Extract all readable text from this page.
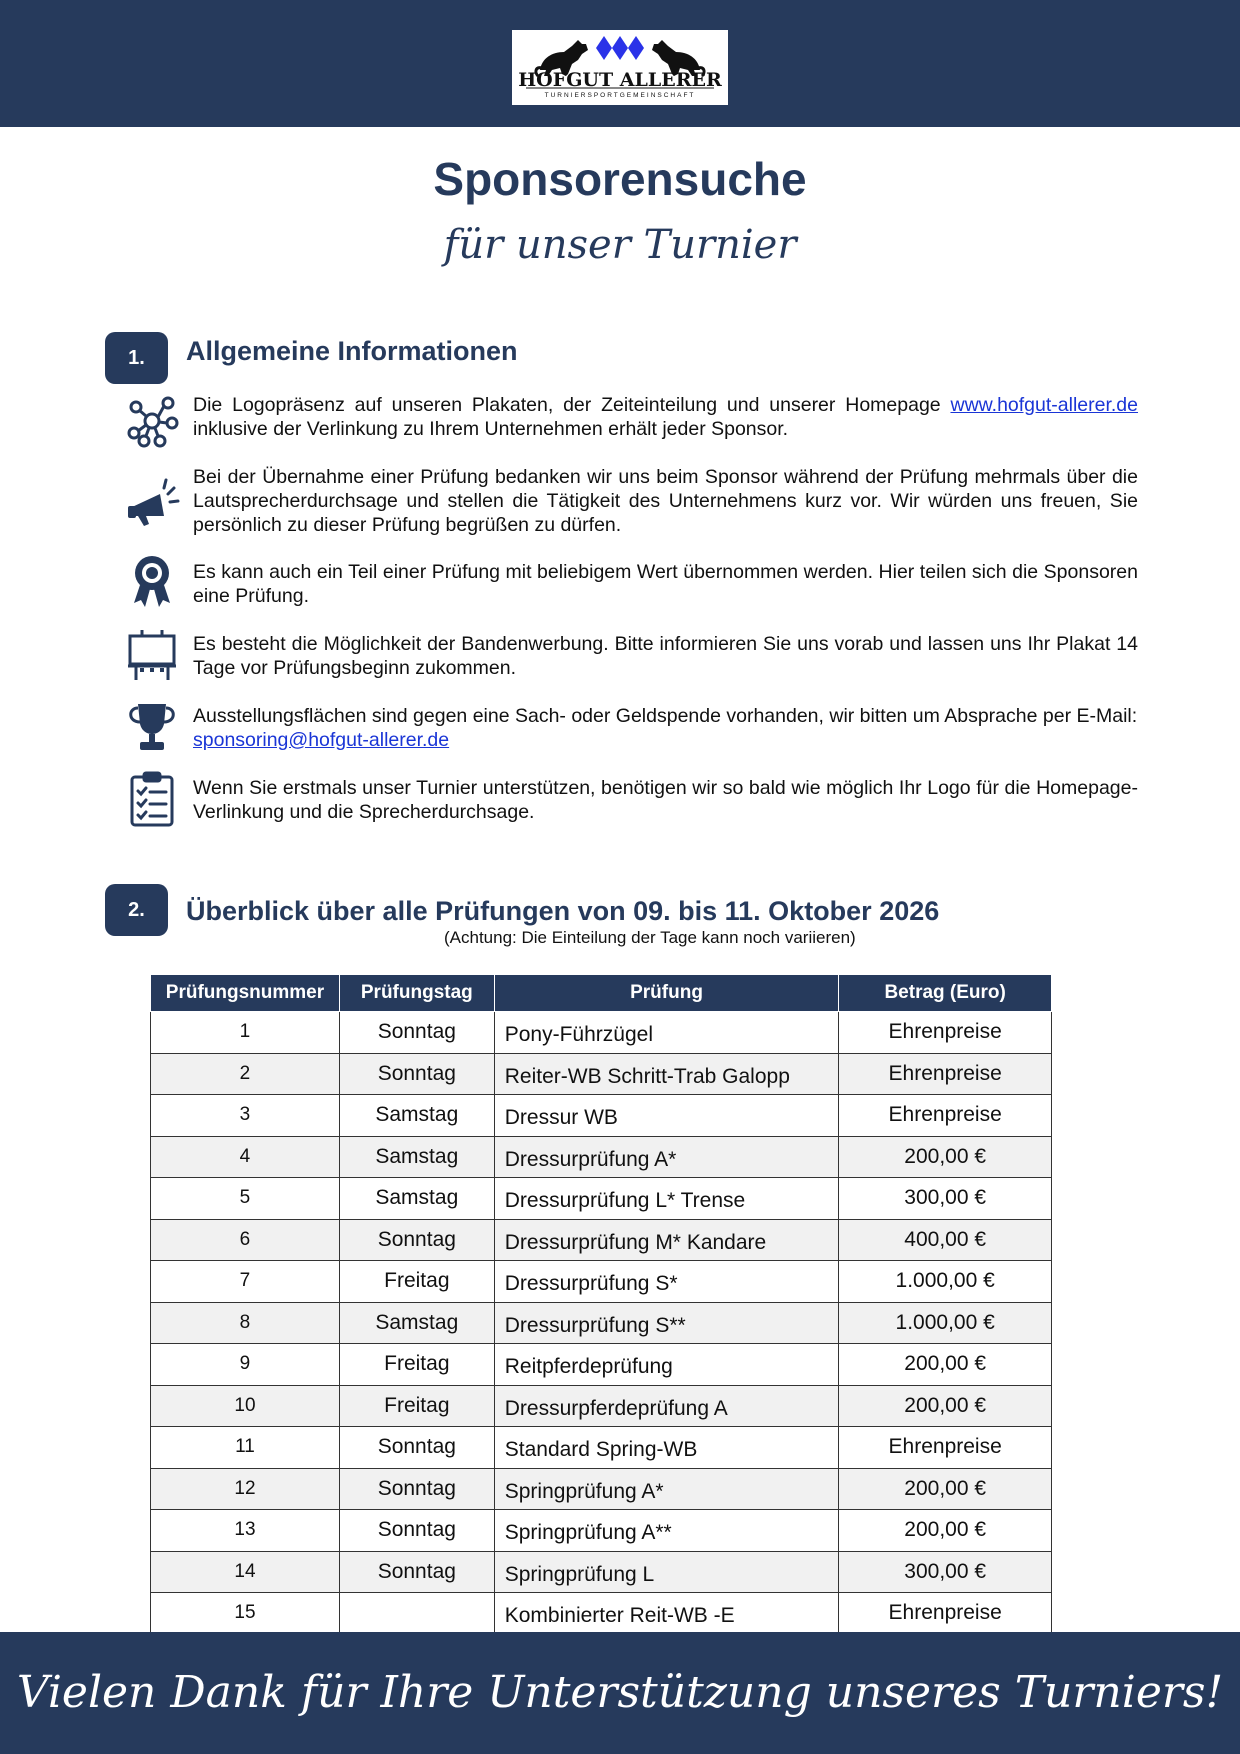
HOFGUT ALLERER
TURNIERSPORTGEMEINSCHAFT
Sponsorensuche
für unser Turnier
1.	Allgemeine Informationen
Die Logopräsenz auf unseren Plakaten, der Zeiteinteilung und unserer Homepage www.hofgut-allerer.de inklusive der Verlinkung zu Ihrem Unternehmen erhält jeder Sponsor.
Bei der Übernahme einer Prüfung bedanken wir uns beim Sponsor während der Prüfung mehrmals über die Lautsprecherdurchsage und stellen die Tätigkeit des Unternehmens kurz vor. Wir würden uns freuen, Sie persönlich zu dieser Prüfung begrüßen zu dürfen.
Es kann auch ein Teil einer Prüfung mit beliebigem Wert übernommen werden. Hier teilen sich die Sponsoren eine Prüfung.
Es besteht die Möglichkeit der Bandenwerbung. Bitte informieren Sie uns vorab und lassen uns Ihr Plakat 14 Tage vor Prüfungsbeginn zukommen.
Ausstellungsflächen sind gegen eine Sach- oder Geldspende vorhanden, wir bitten um Absprache per E-Mail:
sponsoring@hofgut-allerer.de
Wenn Sie erstmals unser Turnier unterstützen, benötigen wir so bald wie möglich Ihr Logo für die Homepage-Verlinkung und die Sprecherdurchsage.
2.	Überblick über alle Prüfungen von 09. bis 11. Oktober 2026
(Achtung: Die Einteilung der Tage kann noch variieren)
Prüfungsnummer	Prüfungstag	Prüfung	Betrag (Euro)
1	Sonntag	Pony-Führzügel	Ehrenpreise
2	Sonntag	Reiter-WB Schritt-Trab Galopp	Ehrenpreise
3	Samstag	Dressur WB	Ehrenpreise
4	Samstag	Dressurprüfung A*	200,00 €
5	Samstag	Dressurprüfung L* Trense	300,00 €
6	Sonntag	Dressurprüfung M* Kandare	400,00 €
7	Freitag	Dressurprüfung S*	1.000,00 €
8	Samstag	Dressurprüfung S**	1.000,00 €
9	Freitag	Reitpferdeprüfung	200,00 €
10	Freitag	Dressurpferdeprüfung A	200,00 €
11	Sonntag	Standard Spring-WB	Ehrenpreise
12	Sonntag	Springprüfung A*	200,00 €
13	Sonntag	Springprüfung A**	200,00 €
14	Sonntag	Springprüfung L	300,00 €
15		Kombinierter Reit-WB -E	Ehrenpreise

Vielen Dank für Ihre Unterstützung unseres Turniers!
